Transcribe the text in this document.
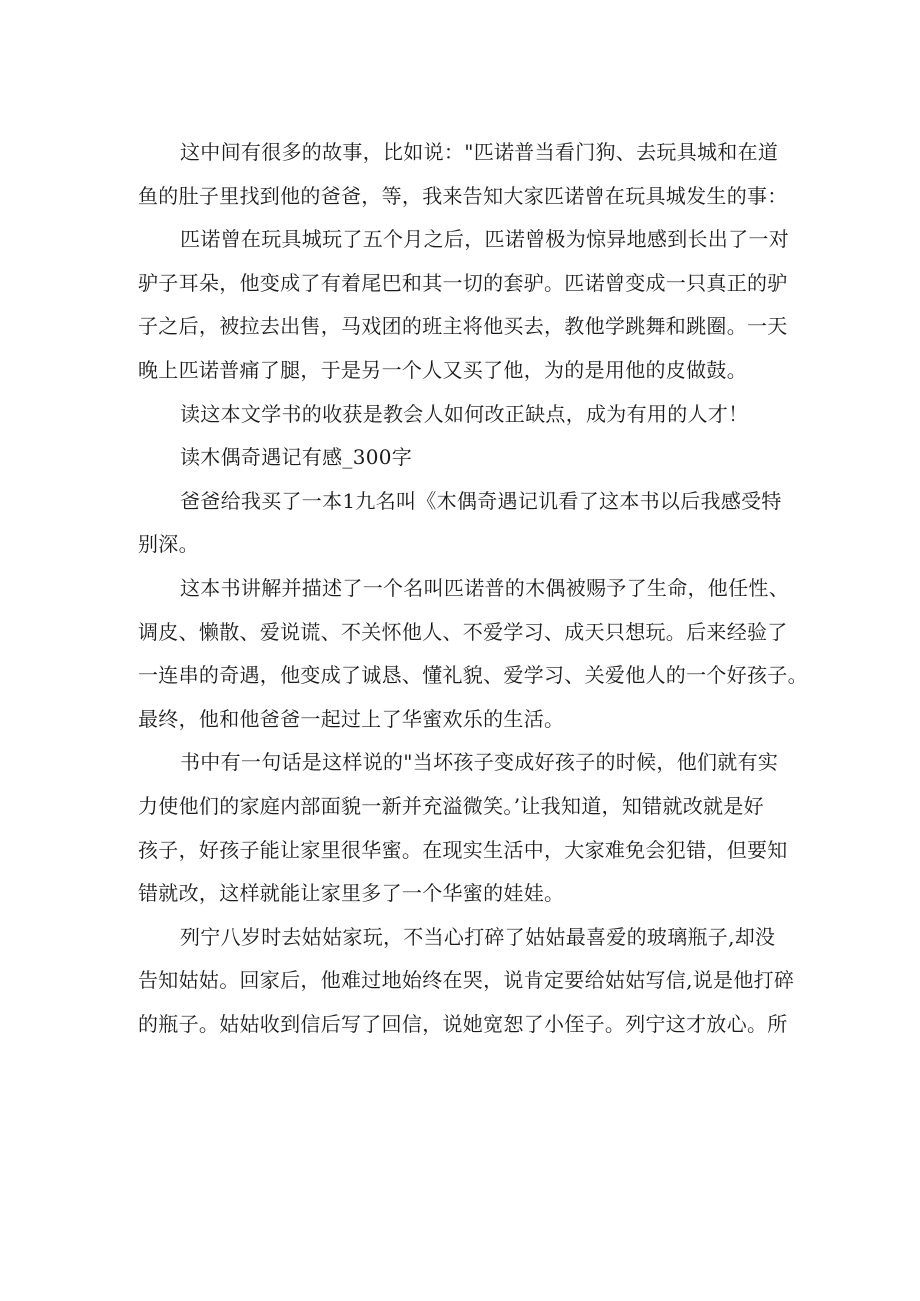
这中间有很多的故事，比如说："匹诺普当看门狗、去玩具城和在道
鱼的肚子里找到他的爸爸，等，我来告知大家匹诺曾在玩具城发生的事：
匹诺曾在玩具城玩了五个月之后，匹诺曾极为惊异地感到长出了一对
驴子耳朵，他变成了有着尾巴和其一切的套驴。匹诺曾变成一只真正的驴
子之后，被拉去出售，马戏团的班主将他买去，教他学跳舞和跳圈。一天
晚上匹诺普痛了腿，于是另一个人又买了他，为的是用他的皮做鼓。
读这本文学书的收获是教会人如何改正缺点，成为有用的人才！
读木偶奇遇记有感_300字
爸爸给我买了一本1九名叫《木偶奇遇记讥看了这本书以后我感受特
别深。
这本书讲解并描述了一个名叫匹诺普的木偶被赐予了生命，他任性、
调皮、懒散、爱说谎、不关怀他人、不爱学习、成天只想玩。后来经验了
一连串的奇遇，他变成了诚恳、懂礼貌、爱学习、关爱他人的一个好孩子。
最终，他和他爸爸一起过上了华蜜欢乐的生活。
书中有一句话是这样说的"当坏孩子变成好孩子的时候，他们就有实
力使他们的家庭内部面貌一新并充溢微笑。’让我知道，知错就改就是好
孩子，好孩子能让家里很华蜜。在现实生活中，大家难免会犯错，但要知
错就改，这样就能让家里多了一个华蜜的娃娃。
列宁八岁时去姑姑家玩，不当心打碎了姑姑最喜爱的玻璃瓶子,却没
告知姑姑。回家后，他难过地始终在哭，说肯定要给姑姑写信,说是他打碎
的瓶子。姑姑收到信后写了回信，说她宽恕了小侄子。列宁这才放心。所
